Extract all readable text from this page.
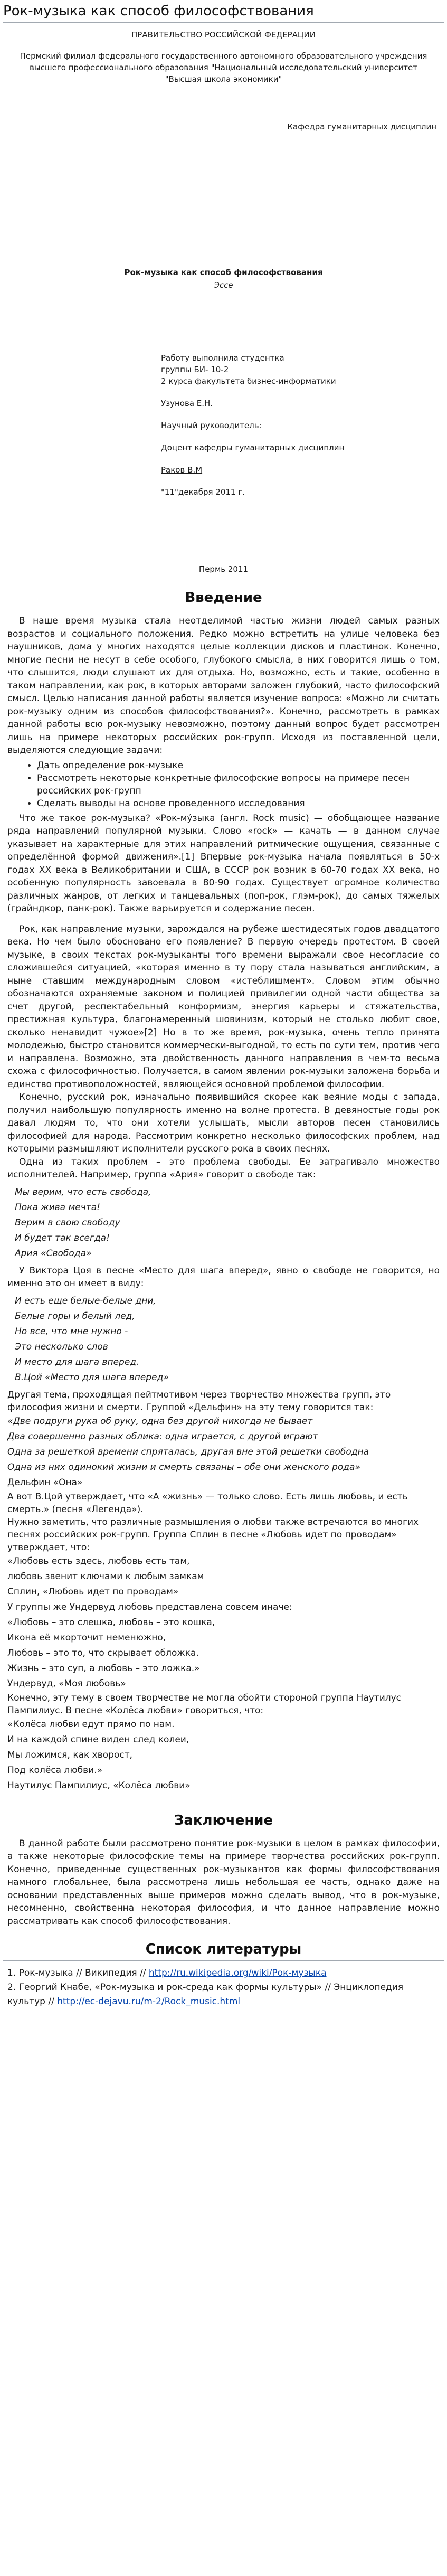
Рок-музыка как способ философствования
ПРАВИТЕЛЬСТВО РОССИЙСКОЙ ФЕДЕРАЦИИ
Пермский филиал федерального государственного автономного образовательного учреждения
высшего профессионального образования "Национальный исследовательский университет
"Высшая школа экономики"
Кафедра гуманитарных дисциплин
Рок-музыка как способ философствования
Эссе
Работу выполнила студентка
группы БИ- 10-2
2 курса факультета бизнес-информатики
Узунова Е.Н.
Научный руководитель:
Доцент кафедры гуманитарных дисциплин
Раков В.М
"11"декабря 2011 г.
Пермь 2011
Введение

В наше время музыка стала неотделимой частью жизни людей самых разных возрастов и социального положения. Редко можно встретить на улице человека без наушников, дома у многих находятся целые коллекции дисков и пластинок. Конечно, многие песни не несут в себе особого, глубокого смысла, в них говорится лишь о том, что слышится, люди слушают их для отдыха. Но, возможно, есть и такие, особенно в таком направлении, как рок, в которых авторами заложен глубокий, часто философский смысл. Целью написания данной работы является изучение вопроса: «Можно ли считать рок-музыку одним из способов философствования?». Конечно, рассмотреть в рамках данной работы всю рок-музыку невозможно, поэтому данный вопрос будет рассмотрен лишь на примере некоторых российских рок-групп. Исходя из поставленной цели, выделяются следующие задачи:

• Дать определение рок-музыке
• Рассмотреть некоторые конкретные философские вопросы на примере песен российских рок-групп
• Сделать выводы на основе проведенного исследования

Что же такое рок-музыка? «Рок-му́зыка (англ. Rock music) — обобщающее название ряда направлений популярной музыки. Слово «rock» — качать — в данном случае указывает на характерные для этих направлений ритмические ощущения, связанные с определённой формой движения».[1] Впервые рок-музыка начала появляться в 50-х годах ХХ века в Великобритании и США, в СССР рок возник в 60-70 годах ХХ века, но особенную популярность завоевала в 80-90 годах. Существует огромное количество различных жанров, от легких и танцевальных (поп-рок, глэм-рок), до самых тяжелых (грайндкор, панк-рок). Также варьируется и содержание песен.

Рок, как направление музыки, зарождался на рубеже шестидесятых годов двадцатого века. Но чем было обосновано его появление? В первую очередь протестом. В своей музыке, в своих текстах рок-музыканты того времени выражали свое несогласие со сложившейся ситуацией, «которая именно в ту пору стала называться английским, а ныне ставшим международным словом «истеблишмент». Словом этим обычно обозначаются охраняемые законом и полицией привилегии одной части общества за счет другой, респектабельный конформизм, энергия карьеры и стяжательства, престижная культура, благонамеренный шовинизм, который не столько любит свое, сколько ненавидит чужое»[2] Но в то же время, рок-музыка, очень тепло принята молодежью, быстро становится коммерчески-выгодной, то есть по сути тем, против чего и направлена. Возможно, эта двойственность данного направления в чем-то весьма схожа с философичностью. Получается, в самом явлении рок-музыки заложена борьба и единство противоположностей, являющейся основной проблемой философии.

Конечно, русский рок, изначально появившийся скорее как веяние моды с запада, получил наибольшую популярность именно на волне протеста. В девяностые годы рок давал людям то, что они хотели услышать, мысли авторов песен становились философией для народа. Рассмотрим конкретно несколько философских проблем, над которыми размышляют исполнители русского рока в своих песнях.

Одна из таких проблем – это проблема свободы. Ее затрагивало множество исполнителей. Например, группа «Ария» говорит о свободе так:

Мы верим, что есть свобода,
Пока жива мечта!
Верим в свою свободу
И будет так всегда!
Ария «Свобода»

У Виктора Цоя в песне «Место для шага вперед», явно о свободе не говорится, но именно это он имеет в виду:

И есть еще белые-белые дни,
Белые горы и белый лед,
Но все, что мне нужно -
Это несколько слов
И место для шага вперед.
В.Цой «Место для шага вперед»
Другая тема, проходящая пейтмотивом через творчество множества групп, это философия жизни и смерти. Группой «Дельфин» на эту тему говорится так:
«Две подруги рука об руку, одна без другой никогда не бывает
Два совершенно разных облика: одна играется, с другой играют
Одна за решеткой времени спряталась, другая вне этой решетки свободна
Одна из них одинокий жизни и смерть связаны – обе они женского рода»
Дельфин «Она»
А вот В.Цой утверждает, что «А «жизнь» — только слово. Есть лишь любовь, и есть смерть.» (песня «Легенда»).
Нужно заметить, что различные размышления о любви также встречаются во многих песнях российских рок-групп. Группа Сплин в песне «Любовь идет по проводам» утверждает, что:
«Любовь есть здесь, любовь есть там,
любовь звенит ключами к любым замкам
Сплин, «Любовь идет по проводам»
У группы же Ундервуд любовь представлена совсем иначе:
«Любовь – это слешка, любовь – это кошка,
Икона её мкорточит неменюжно,
Любовь – это то, что скрывает обложка.
Жизнь – это суп, а любовь – это ложка.»
Ундервуд, «Моя любовь»
Конечно, эту тему в своем творчестве не могла обойти стороной группа Наутилус Пампилиус. В песне «Колёса любви» говориться, что:
«Колёса любви едут прямо по нам.
И на каждой спине виден след колеи,
Мы ложимся, как хворост,
Под колёса любви.»
Наутилус Пампилиус, «Колёса любви»
Заключение

В данной работе были рассмотрено понятие рок-музыки в целом в рамках философии, а также некоторые философские темы на примере творчества российских рок-групп. Конечно, приведенные существенных рок-музыкантов как формы философствования намного глобальнее, была рассмотрена лишь небольшая ее часть, однако даже на основании представленных выше примеров можно сделать вывод, что в рок-музыке, несомненно, свойственна некоторая философия, и что данное направление можно рассматривать как способ философствования.

Список литературы
1. Рок-музыка // Википедия // http://ru.wikipedia.org/wiki/Рок-музыка
2. Георгий Кнабе, «Рок-музыка и рок-среда как формы культуры» // Энциклопедия культур // http://ec-dejavu.ru/m-2/Rock_music.html
